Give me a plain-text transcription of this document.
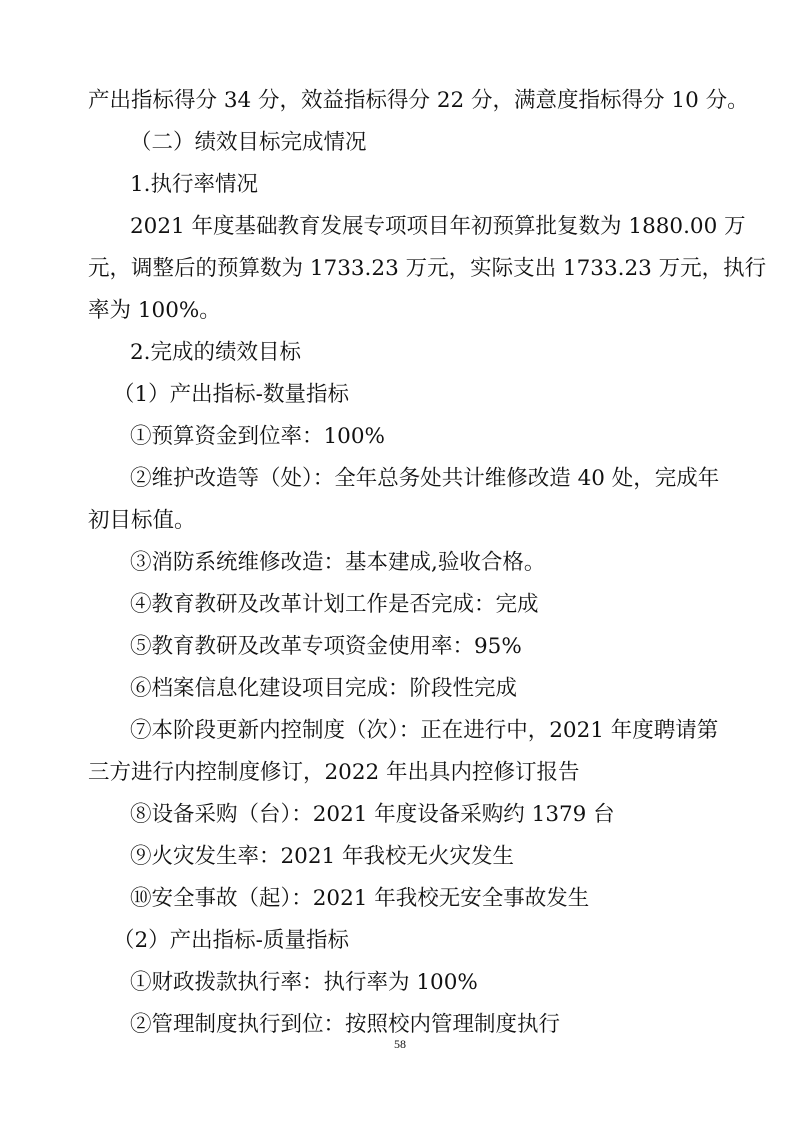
产出指标得分 34 分，效益指标得分 22 分，满意度指标得分 10 分。
（二）绩效目标完成情况
1.执行率情况
2021 年度基础教育发展专项项目年初预算批复数为 1880.00 万
元，调整后的预算数为 1733.23 万元，实际支出 1733.23 万元，执行
率为 100%。
2.完成的绩效目标
（1）产出指标-数量指标
①预算资金到位率：100%
②维护改造等（处）：全年总务处共计维修改造 40 处，完成年
初目标值。
③消防系统维修改造：基本建成,验收合格。
④教育教研及改革计划工作是否完成：完成
⑤教育教研及改革专项资金使用率：95%
⑥档案信息化建设项目完成：阶段性完成
⑦本阶段更新内控制度（次）：正在进行中，2021 年度聘请第
三方进行内控制度修订，2022 年出具内控修订报告
⑧设备采购（台）：2021 年度设备采购约 1379 台
⑨火灾发生率：2021 年我校无火灾发生
⑩安全事故（起）：2021 年我校无安全事故发生
（2）产出指标-质量指标
①财政拨款执行率：执行率为 100%
②管理制度执行到位：按照校内管理制度执行
58
